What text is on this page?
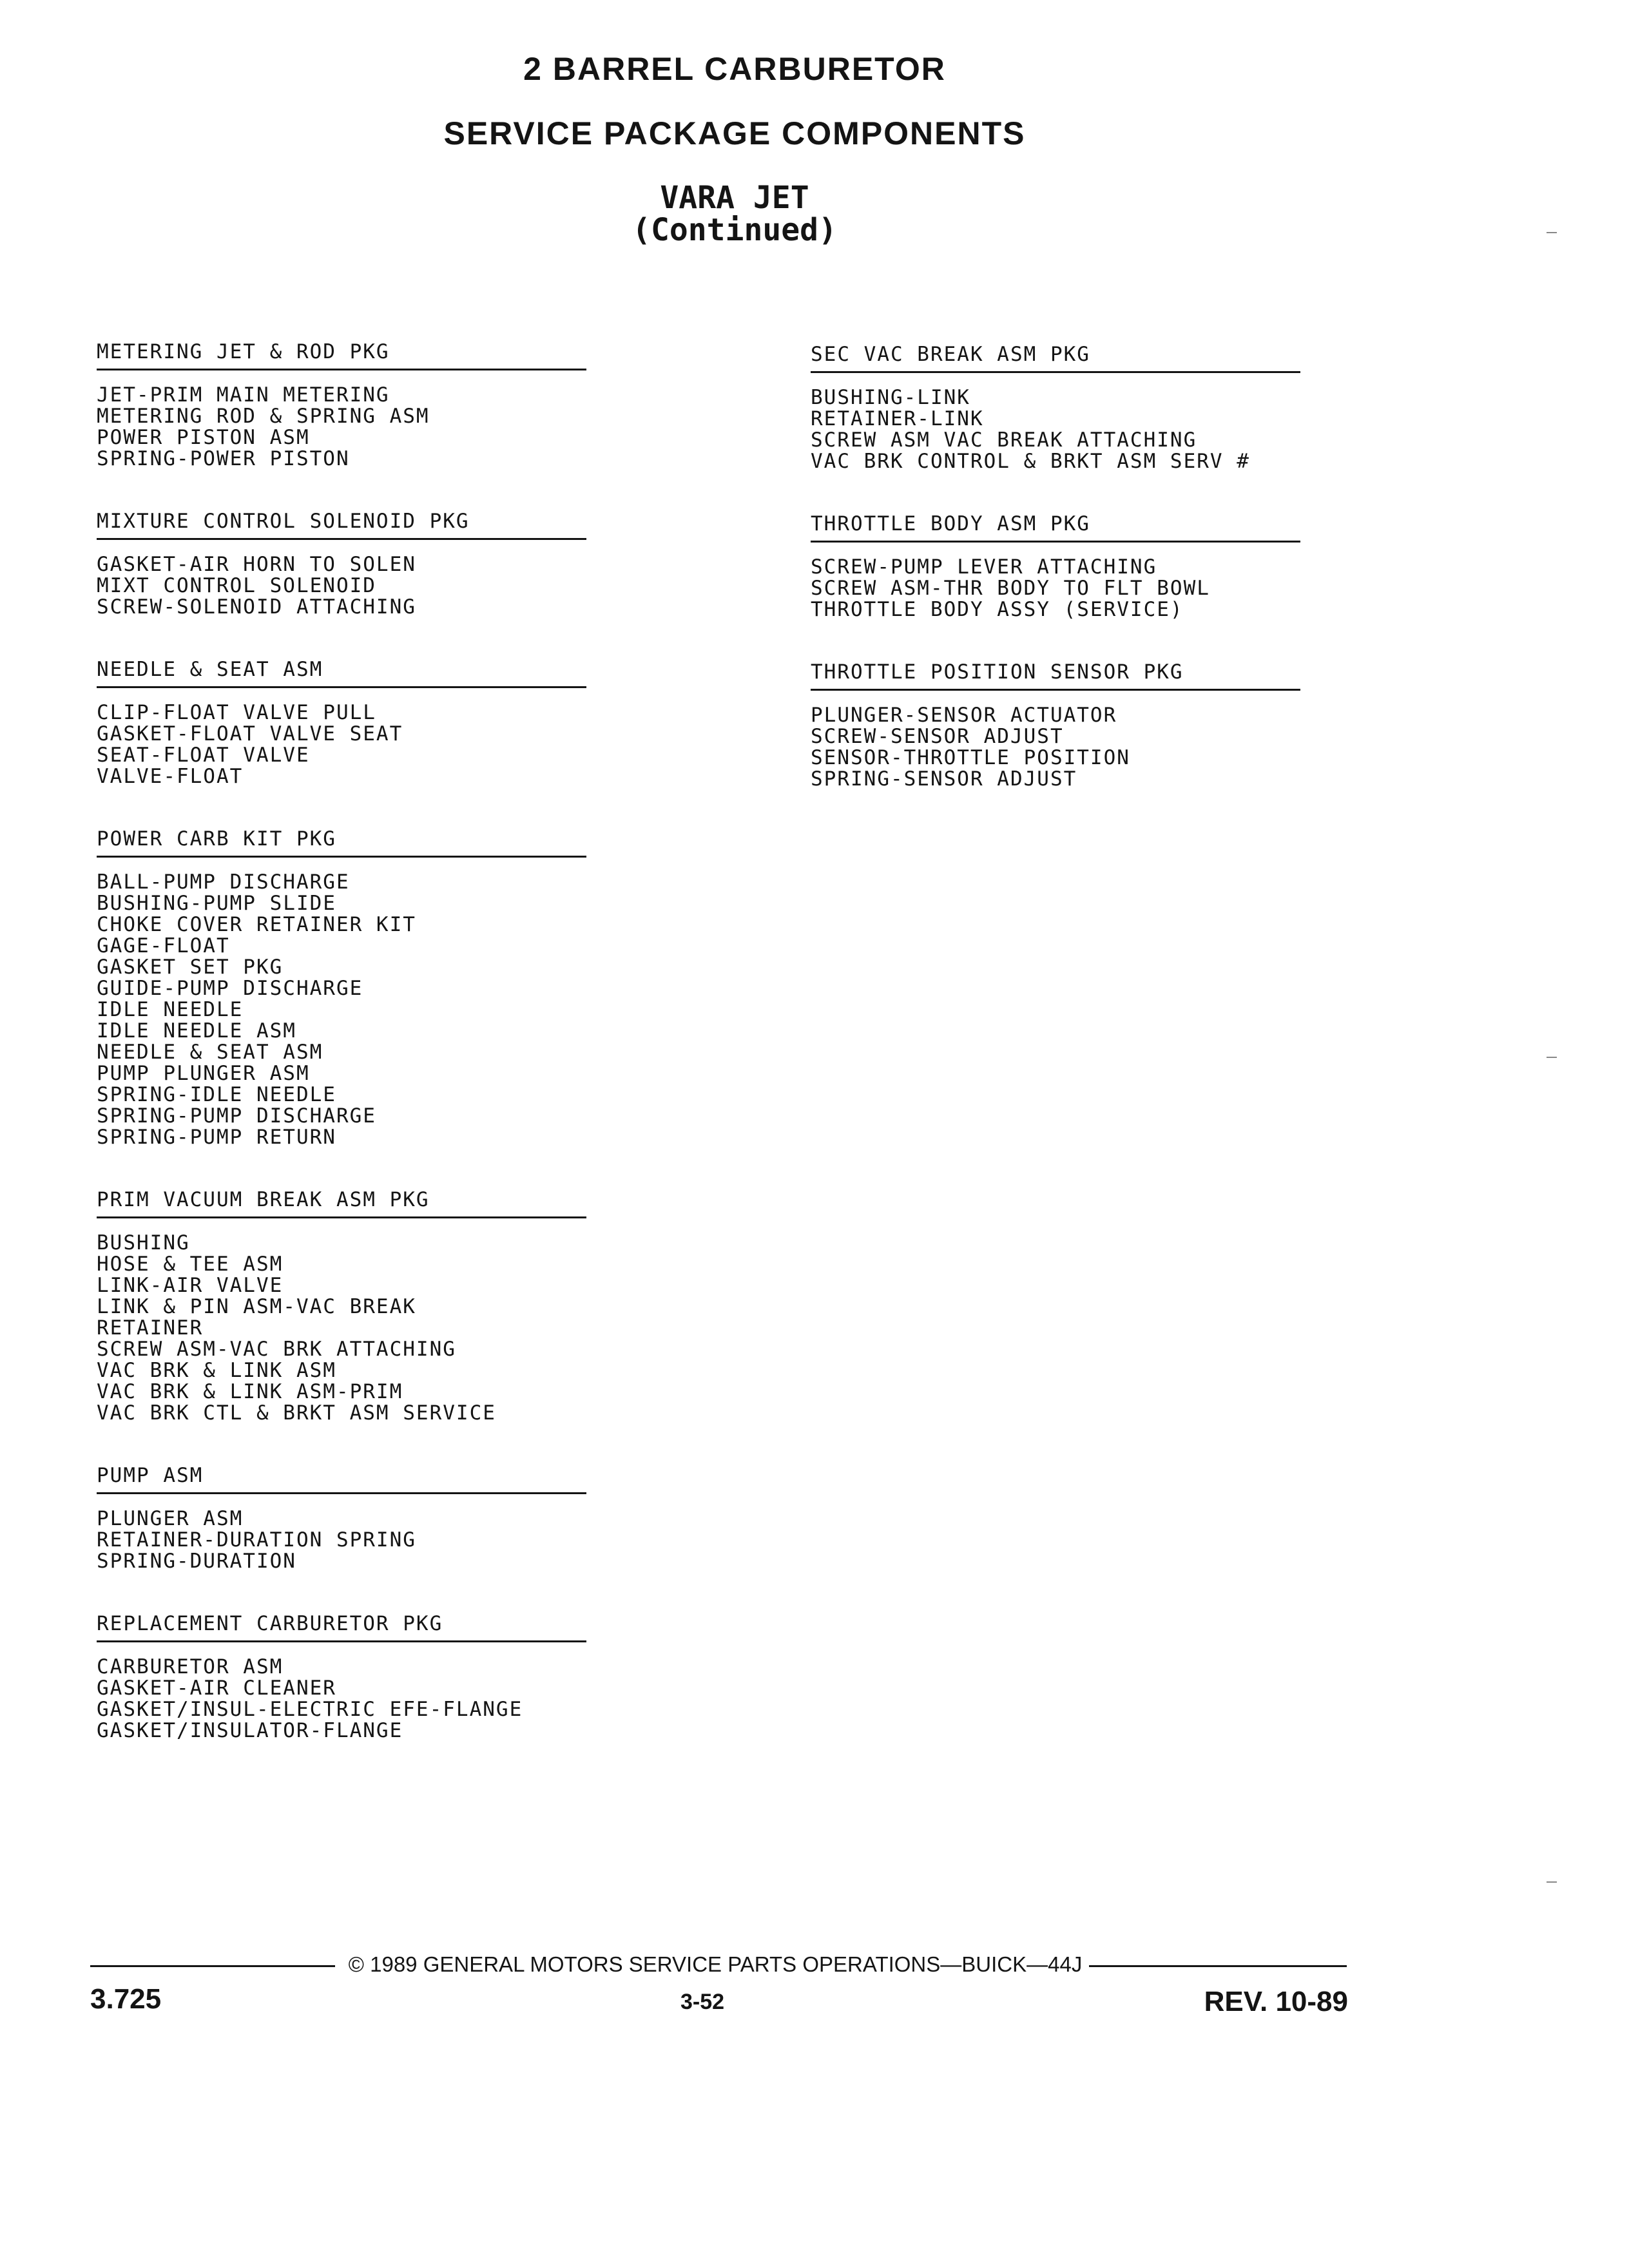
2 BARREL CARBURETOR
SERVICE PACKAGE COMPONENTS
VARA JET
(Continued)
METERING JET & ROD PKG
JET-PRIM MAIN METERING
METERING ROD & SPRING ASM
POWER PISTON ASM
SPRING-POWER PISTON
MIXTURE CONTROL SOLENOID PKG
GASKET-AIR HORN TO SOLEN
MIXT CONTROL SOLENOID
SCREW-SOLENOID ATTACHING
NEEDLE & SEAT ASM
CLIP-FLOAT VALVE PULL
GASKET-FLOAT VALVE SEAT
SEAT-FLOAT VALVE
VALVE-FLOAT
POWER CARB KIT PKG
BALL-PUMP DISCHARGE
BUSHING-PUMP SLIDE
CHOKE COVER RETAINER KIT
GAGE-FLOAT
GASKET SET PKG
GUIDE-PUMP DISCHARGE
IDLE NEEDLE
IDLE NEEDLE ASM
NEEDLE & SEAT ASM
PUMP PLUNGER ASM
SPRING-IDLE NEEDLE
SPRING-PUMP DISCHARGE
SPRING-PUMP RETURN
PRIM VACUUM BREAK ASM PKG
BUSHING
HOSE & TEE ASM
LINK-AIR VALVE
LINK & PIN ASM-VAC BREAK
RETAINER
SCREW ASM-VAC BRK ATTACHING
VAC BRK & LINK ASM
VAC BRK & LINK ASM-PRIM
VAC BRK CTL & BRKT ASM SERVICE
PUMP ASM
PLUNGER ASM
RETAINER-DURATION SPRING
SPRING-DURATION
REPLACEMENT CARBURETOR PKG
CARBURETOR ASM
GASKET-AIR CLEANER
GASKET/INSUL-ELECTRIC EFE-FLANGE
GASKET/INSULATOR-FLANGE
SEC VAC BREAK ASM PKG
BUSHING-LINK
RETAINER-LINK
SCREW ASM VAC BREAK ATTACHING
VAC BRK CONTROL & BRKT ASM SERV #
THROTTLE BODY ASM PKG
SCREW-PUMP LEVER ATTACHING
SCREW ASM-THR BODY TO FLT BOWL
THROTTLE BODY ASSY (SERVICE)
THROTTLE POSITION SENSOR PKG
PLUNGER-SENSOR ACTUATOR
SCREW-SENSOR ADJUST
SENSOR-THROTTLE POSITION
SPRING-SENSOR ADJUST
© 1989 GENERAL MOTORS SERVICE PARTS OPERATIONS—BUICK—44J
3.725	3-52	REV. 10-89
